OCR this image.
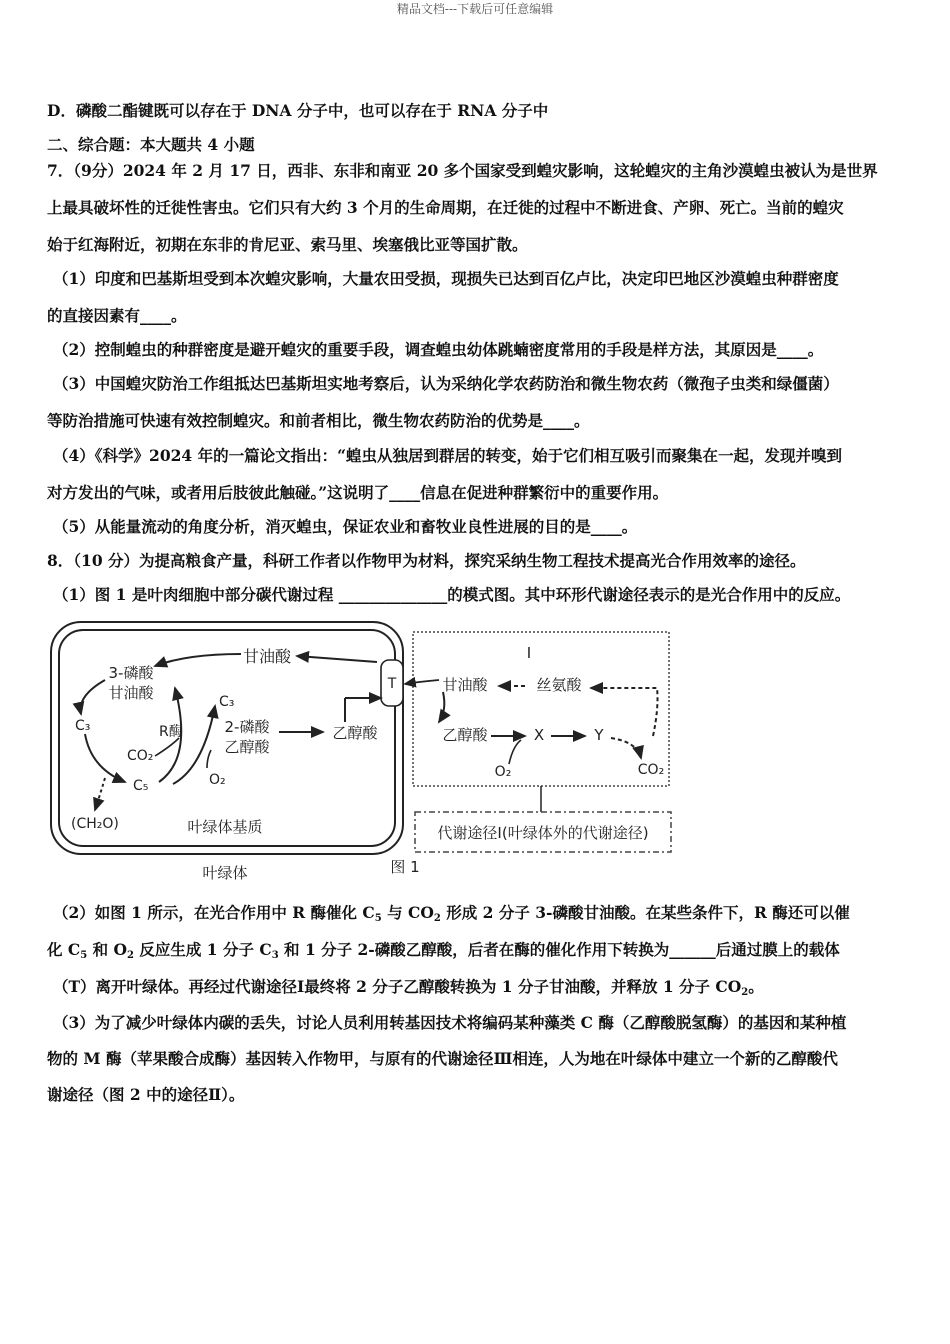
精品文档---下载后可任意编辑
D．磷酸二酯键既可以存在于 DNA 分子中，也可以存在于 RNA 分子中
二、综合题：本大题共 4 小题
7．（9分）2024 年 2 月 17 日，西非、东非和南亚 20 多个国家受到蝗灾影响，这轮蝗灾的主角沙漠蝗虫被认为是世界
上最具破坏性的迁徙性害虫。它们只有大约 3 个月的生命周期，在迁徙的过程中不断进食、产卵、死亡。当前的蝗灾
始于红海附近，初期在东非的肯尼亚、索马里、埃塞俄比亚等国扩散。
（1）印度和巴基斯坦受到本次蝗灾影响，大量农田受损，现损失已达到百亿卢比，决定印巴地区沙漠蝗虫种群密度
的直接因素有____。
（2）控制蝗虫的种群密度是避开蝗灾的重要手段，调查蝗虫幼体跳蝻密度常用的手段是样方法，其原因是____。
（3）中国蝗灾防治工作组抵达巴基斯坦实地考察后，认为采纳化学农药防治和微生物农药（微孢子虫类和绿僵菌）
等防治措施可快速有效控制蝗灾。和前者相比，微生物农药防治的优势是____。
（4）《科学》2024 年的一篇论文指出：“蝗虫从独居到群居的转变，始于它们相互吸引而聚集在一起，发现并嗅到
对方发出的气味，或者用后肢彼此触碰。”这说明了____信息在促进种群繁衍中的重要作用。
（5）从能量流动的角度分析，消灭蝗虫，保证农业和畜牧业良性进展的目的是____。
8．（10 分）为提高粮食产量，科研工作者以作物甲为材料，探究采纳生物工程技术提高光合作用效率的途径。
（1）图 1 是叶肉细胞中部分碳代谢过程 ______________的模式图。其中环形代谢途径表示的是光合作用中的反应。
T
甘油酸
3-磷酸
甘油酸
C₃	R酶
CO₂
C₅
(CH₂O)
C₃
2-磷酸
乙醇酸
O₂
乙醇酸
叶绿体基质
叶绿体
I
甘油酸	丝氨酸
乙醇酸	X	Y
O₂	CO₂
代谢途径Ⅰ(叶绿体外的代谢途径)
图 1
（2）如图 1 所示，在光合作用中 R 酶催化 $C_5$ 与 $CO_2$ 形成 2 分子 3-磷酸甘油酸。在某些条件下，R 酶还可以催
化 $C_5$ 和 $O_2$ 反应生成 1 分子 $C_3$ 和 1 分子 2-磷酸乙醇酸，后者在酶的催化作用下转换为______后通过膜上的载体
（T）离开叶绿体。再经过代谢途径Ⅰ最终将 2 分子乙醇酸转换为 1 分子甘油酸，并释放 1 分子 $CO_2$。
（3）为了减少叶绿体内碳的丢失，讨论人员利用转基因技术将编码某种藻类 C 酶（乙醇酸脱氢酶）的基因和某种植
物的 M 酶（苹果酸合成酶）基因转入作物甲，与原有的代谢途径Ⅲ相连，人为地在叶绿体中建立一个新的乙醇酸代
谢途径（图 2 中的途径Ⅱ）。
